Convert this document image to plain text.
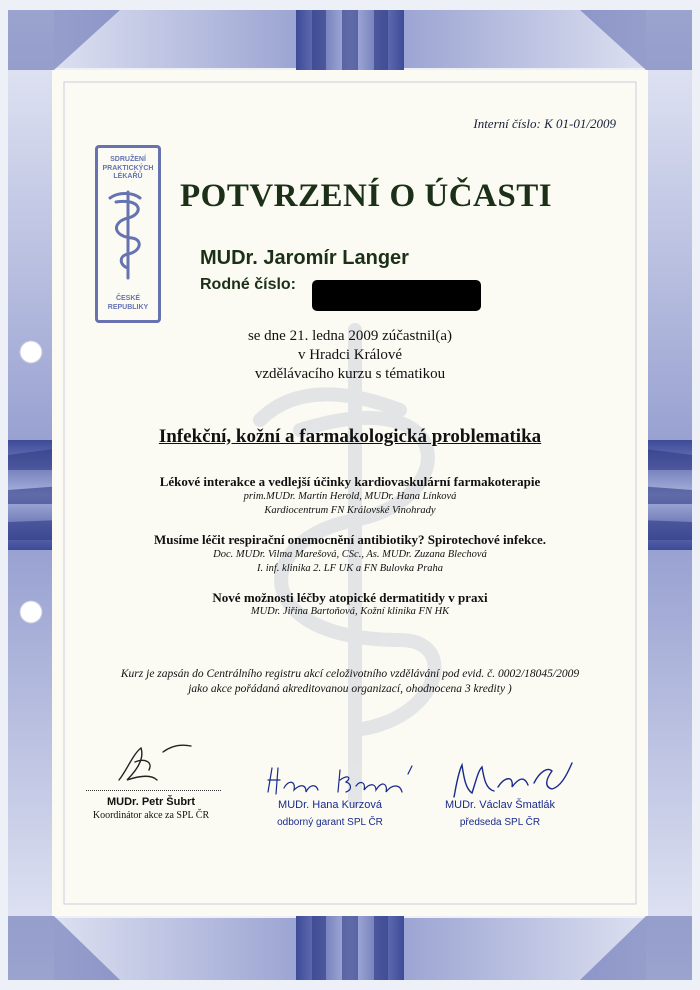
Interní číslo: K 01-01/2009
SDRUŽENÍ PRAKTICKÝCH LÉKAŘŮ
ČESKÉ REPUBLIKY
POTVRZENÍ O ÚČASTI
MUDr. Jaromír Langer
Rodné číslo:
se dne 21. ledna 2009 zúčastnil(a)
v Hradci Králové
vzdělávacího kurzu s tématikou
Infekční, kožní a farmakologická problematika
Lékové interakce a vedlejší účinky kardiovaskulární farmakoterapie
prim.MUDr. Martin Herold, MUDr. Hana Línková
Kardiocentrum FN Královské Vinohrady
Musíme léčit respirační onemocnění antibiotiky? Spirotechové infekce.
Doc. MUDr. Vilma Marešová, CSc., As. MUDr. Zuzana Blechová
I. inf. klinika 2. LF UK a FN Bulovka Praha
Nové možnosti léčby atopické dermatitidy v praxi
MUDr. Jiřina Bartoňová, Kožní klinika FN HK
Kurz je zapsán do Centrálního registru akcí celoživotního vzdělávání pod evid. č. 0002/18045/2009
jako akce pořádaná akreditovanou organizací, ohodnocena 3 kredity )
MUDr. Petr Šubrt
Koordinátor akce za SPL ČR
MUDr. Hana Kurzová
odborný garant SPL ČR
MUDr. Václav Šmatlák
předseda SPL ČR
